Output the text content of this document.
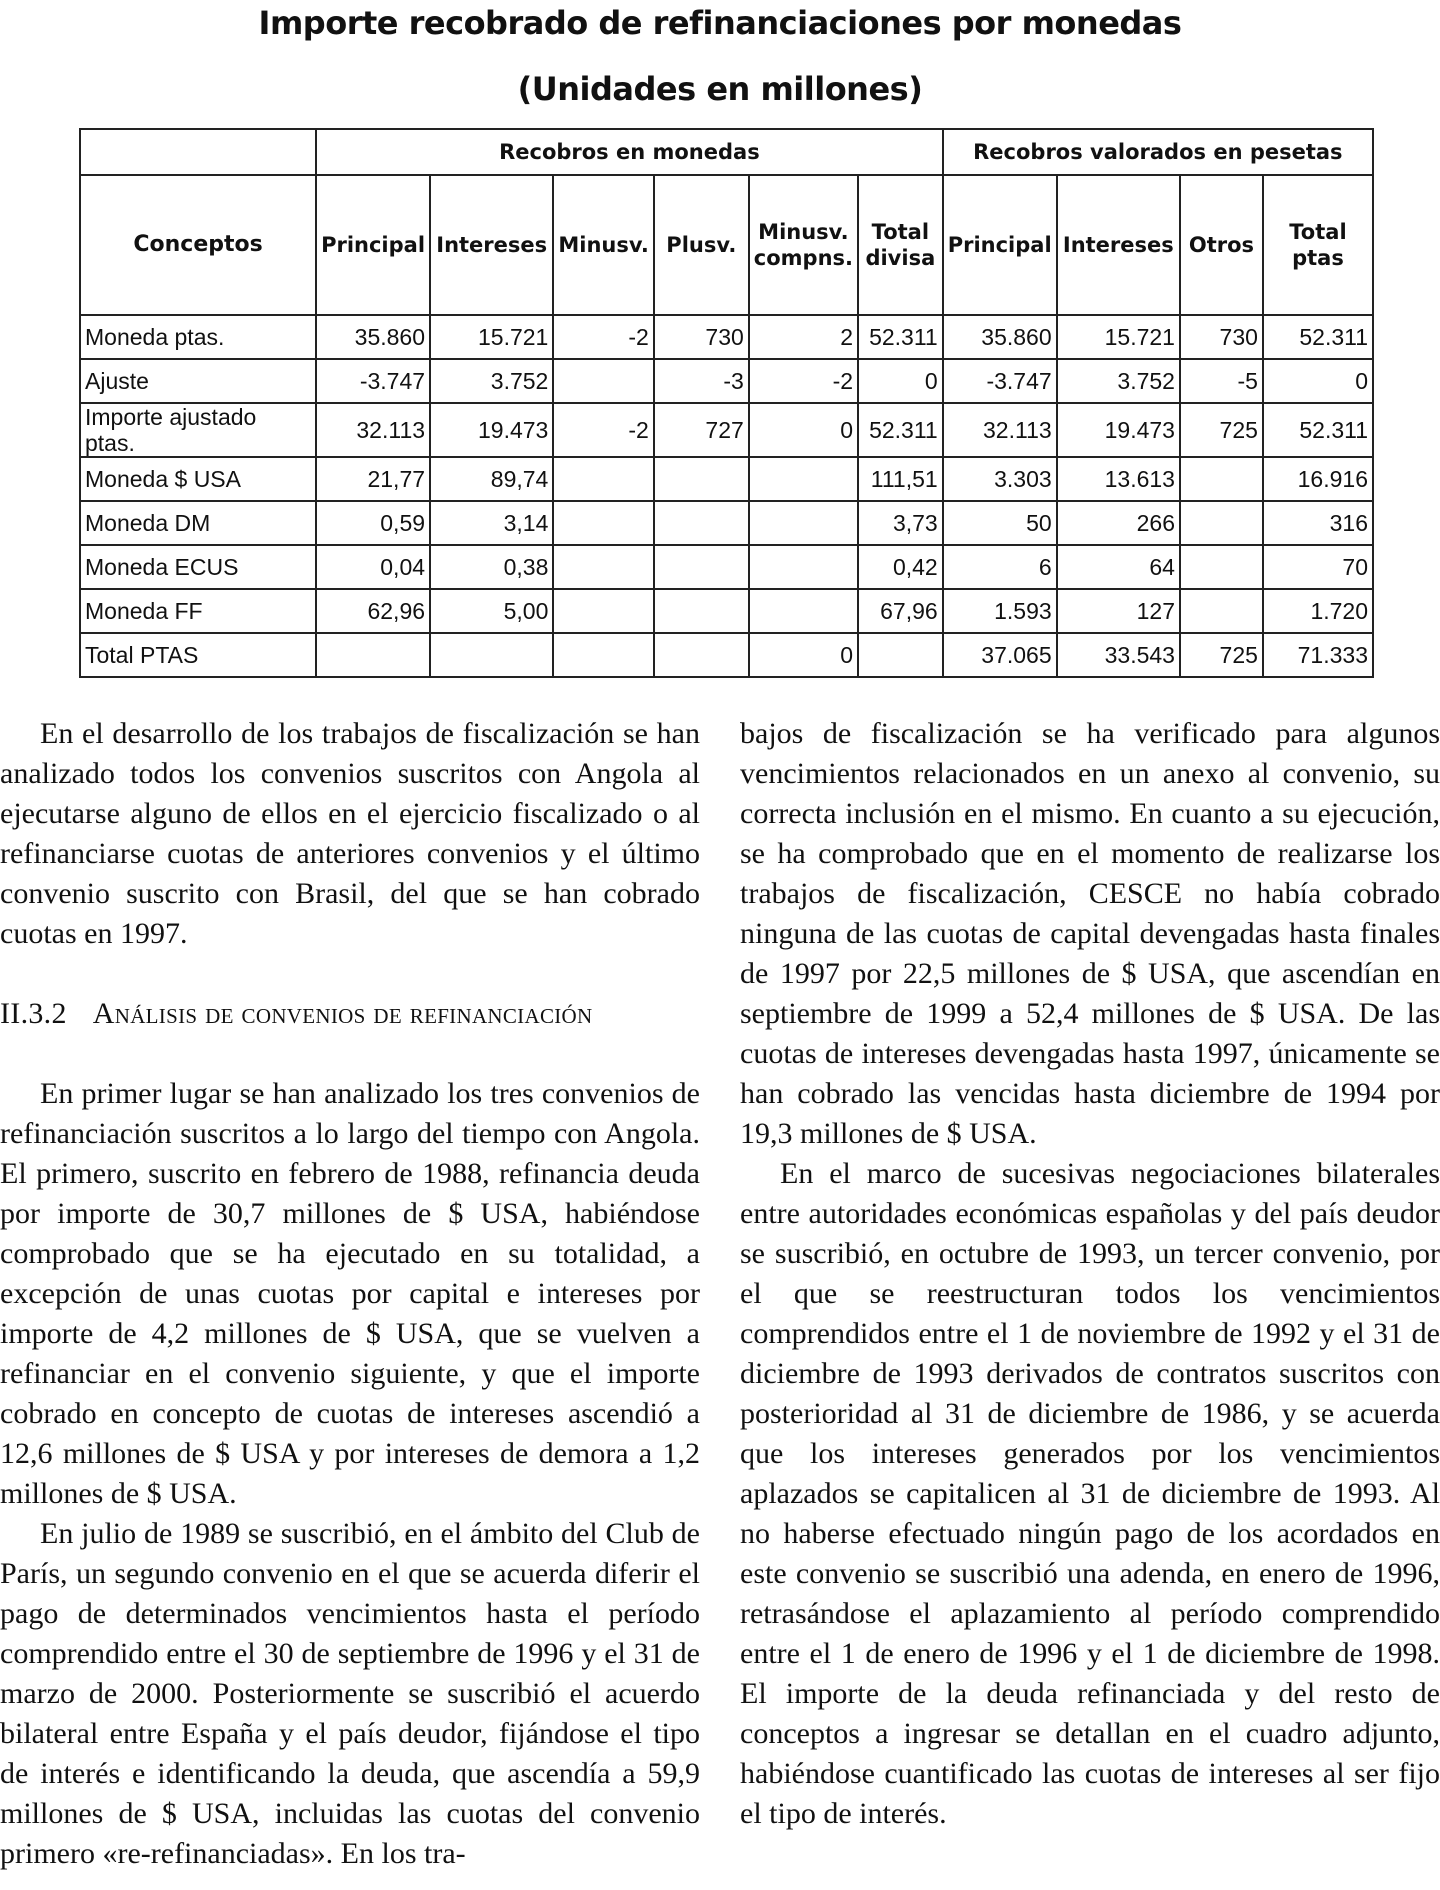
Importe recobrado de refinanciaciones por monedas
(Unidades en millones)
	Recobros en monedas						Recobros valorados en pesetas			
Conceptos	Principal	Intereses	Minusv.	Plusv.	Minusv. compns.	Total divisa	Principal	Intereses	Otros	Total ptas
Moneda ptas.	35.860	15.721	-2	730	2	52.311	35.860	15.721	730	52.311
Ajuste	-3.747	3.752		-3	-2	0	-3.747	3.752	-5	0
Importe ajustado ptas.	32.113	19.473	-2	727	0	52.311	32.113	19.473	725	52.311
Moneda $ USA	21,77	89,74				111,51	3.303	13.613		16.916
Moneda DM	0,59	3,14				3,73	50	266		316
Moneda ECUS	0,04	0,38				0,42	6	64		70
Moneda FF	62,96	5,00				67,96	1.593	127		1.720
Total PTAS					0		37.065	33.543	725	71.333

En el desarrollo de los trabajos de fiscalización se han analizado todos los convenios suscritos con Angola al ejecutarse alguno de ellos en el ejercicio fiscalizado o al refinanciarse cuotas de anteriores convenios y el último convenio suscrito con Brasil, del que se han cobrado cuotas en 1997.

II.3.2 Análisis de convenios de refinanciación

En primer lugar se han analizado los tres convenios de refinanciación suscritos a lo largo del tiempo con Angola. El primero, suscrito en febrero de 1988, refinancia deuda por importe de 30,7 millones de $ USA, habiéndose comprobado que se ha ejecutado en su totalidad, a excepción de unas cuotas por capital e intereses por importe de 4,2 millones de $ USA, que se vuelven a refinanciar en el convenio siguiente, y que el importe cobrado en concepto de cuotas de intereses ascendió a 12,6 millones de $ USA y por intereses de demora a 1,2 millones de $ USA.

En julio de 1989 se suscribió, en el ámbito del Club de París, un segundo convenio en el que se acuerda diferir el pago de determinados vencimientos hasta el período comprendido entre el 30 de septiembre de 1996 y el 31 de marzo de 2000. Posteriormente se suscribió el acuerdo bilateral entre España y el país deudor, fijándose el tipo de interés e identificando la deuda, que ascendía a 59,9 millones de $ USA, incluidas las cuotas del convenio primero «re-refinanciadas». En los tra-

bajos de fiscalización se ha verificado para algunos vencimientos relacionados en un anexo al convenio, su correcta inclusión en el mismo. En cuanto a su ejecución, se ha comprobado que en el momento de realizarse los trabajos de fiscalización, CESCE no había cobrado ninguna de las cuotas de capital devengadas hasta finales de 1997 por 22,5 millones de $ USA, que ascendían en septiembre de 1999 a 52,4 millones de $ USA. De las cuotas de intereses devengadas hasta 1997, únicamente se han cobrado las vencidas hasta diciembre de 1994 por 19,3 millones de $ USA.

En el marco de sucesivas negociaciones bilaterales entre autoridades económicas españolas y del país deudor se suscribió, en octubre de 1993, un tercer convenio, por el que se reestructuran todos los vencimientos comprendidos entre el 1 de noviembre de 1992 y el 31 de diciembre de 1993 derivados de contratos suscritos con posterioridad al 31 de diciembre de 1986, y se acuerda que los intereses generados por los vencimientos aplazados se capitalicen al 31 de diciembre de 1993. Al no haberse efectuado ningún pago de los acordados en este convenio se suscribió una adenda, en enero de 1996, retrasándose el aplazamiento al período comprendido entre el 1 de enero de 1996 y el 1 de diciembre de 1998. El importe de la deuda refinanciada y del resto de conceptos a ingresar se detallan en el cuadro adjunto, habiéndose cuantificado las cuotas de intereses al ser fijo el tipo de interés.
